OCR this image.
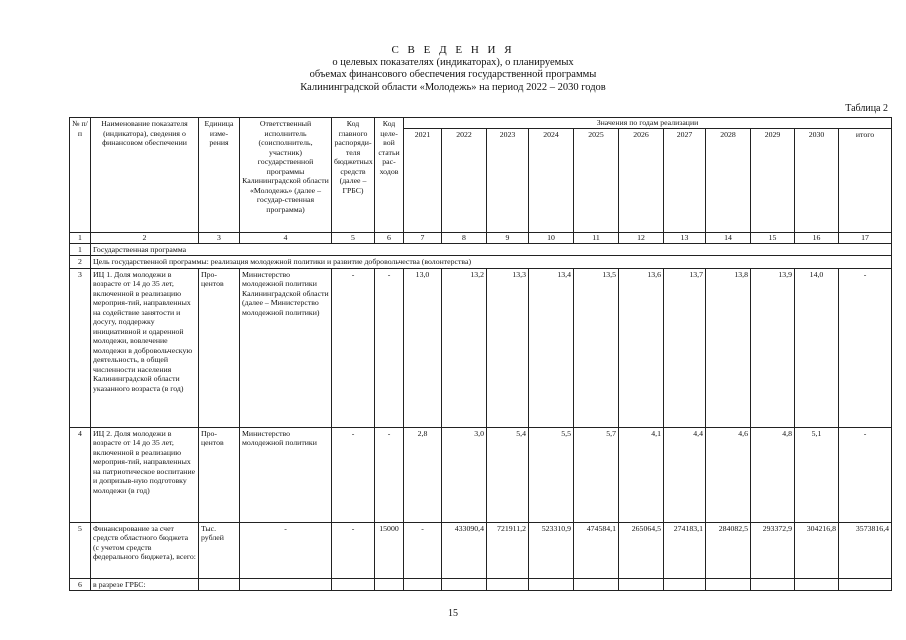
С В Е Д Е Н И Я
о целевых показателях (индикаторах), о планируемых
объемах финансового обеспечения государственной программы
Калининградской области «Молодежь» на период 2022 – 2030 годов
Таблица 2
№ п/п	Наименование показателя (индикатора), сведения о финансовом обеспечении	Единица изме-рения	Ответственный исполнитель (соисполнитель, участник) государственной программы Калининградской области «Молодежь» (далее – государ-ственная программа)	Код главного распоряди-теля бюджетных средств (далее – ГРБС)	Код целе-вой статьи рас-ходов	Значения по годам реализации										
						2021	2022	2023	2024	2025	2026	2027	2028	2029	2030	итого
1	2	3	4	5	6	7	8	9	10	11	12	13	14	15	16	17
1	Государственная программа															
2	Цель государственной программы: реализация молодежной политики и развитие добровольчества (волонтерства)															
3	ИЦ 1. Доля молодежи в возрасте от 14 до 35 лет, включенной в реализацию мероприя-тий, направленных на содействие занятости и досугу, поддержку инициативной и одаренной молодежи, вовлечение молодежи в добровольческую деятельность, в общей численности населения Калининградской области указанного возраста (в год)	Про-центов	Министерство молодежной политики Калининградской области (далее – Министерство молодежной политики)	-	-	13,0	13,2	13,3	13,4	13,5	13,6	13,7	13,8	13,9	14,0	-
4	ИЦ 2. Доля молодежи в возрасте от 14 до 35 лет, включенной в реализацию мероприя-тий, направленных на патриотическое воспитание и допризыв-ную подготовку молодежи (в год)	Про-центов	Министерство молодежной политики	-	-	2,8	3,0	5,4	5,5	5,7	4,1	4,4	4,6	4,8	5,1	-
5	Финансирование за счет средств областного бюджета (с учетом средств федерального бюджета), всего:	Тыс. рублей	-	-	15000	-	433090,4	721911,2	523310,9	474584,1	265064,5	274183,1	284082,5	293372,9	304216,8	3573816,4
6	в разрезе ГРБС:															
15
